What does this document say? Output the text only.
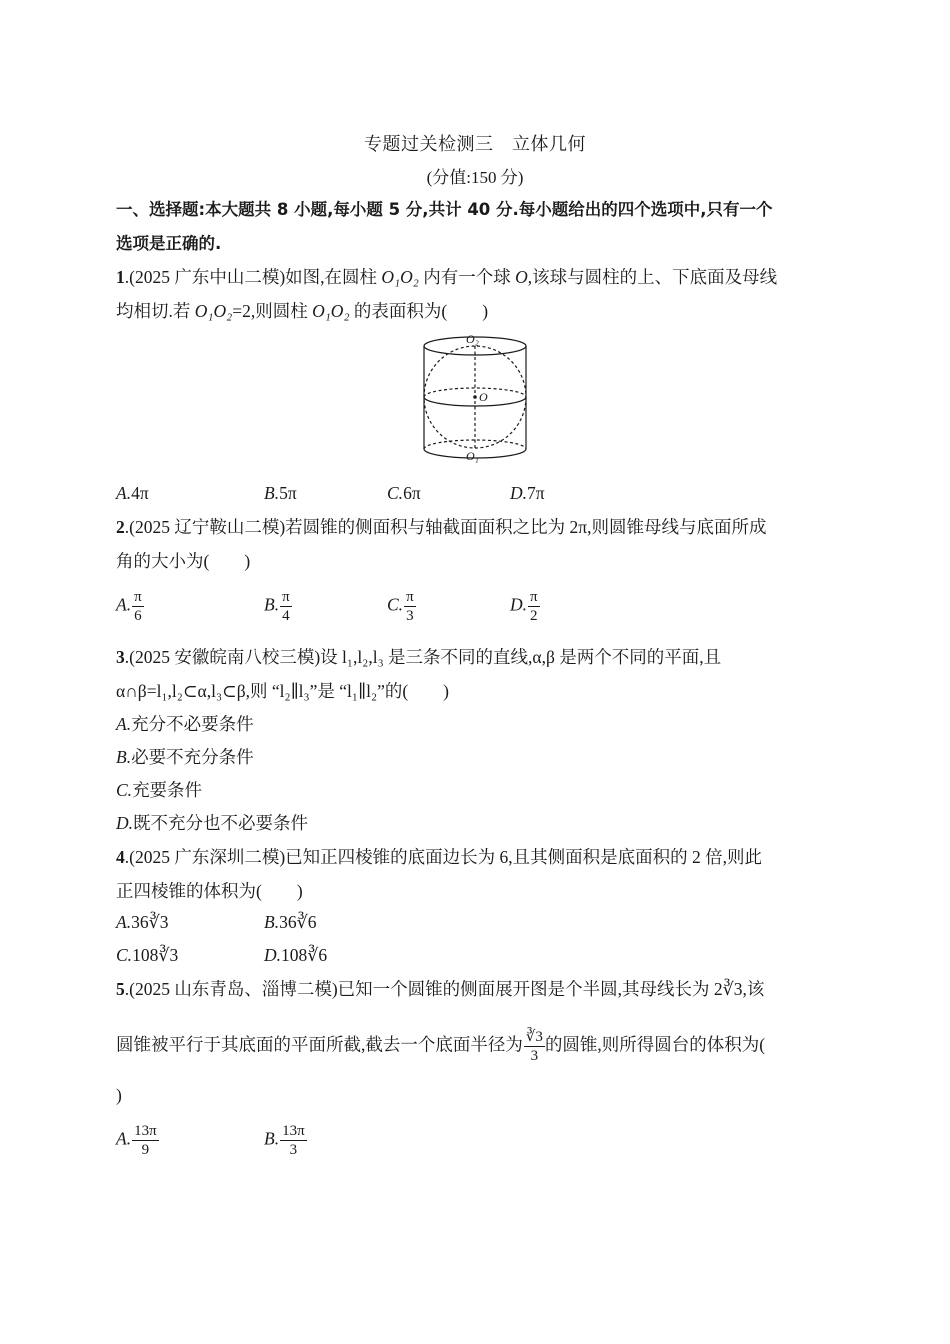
专题过关检测三　立体几何
(分值:150 分)
一、选择题:本大题共 8 小题,每小题 5 分,共计 40 分.每小题给出的四个选项中,只有一个
选项是正确的.
1.(2025 广东中山二模)如图,在圆柱 O₁O₂ 内有一个球 O,该球与圆柱的上、下底面及母线
均相切.若 O₁O₂=2,则圆柱 O₁O₂ 的表面积为(　　)
O₂
O
O₁
A.4π	B.5π	C.6π	D.7π
2.(2025 辽宁鞍山二模)若圆锥的侧面积与轴截面面积之比为 2π,则圆锥母线与底面所成
角的大小为(　　)
A. $\frac{\pi}{6}$	B. $\frac{\pi}{4}$	C. $\frac{\pi}{3}$	D. $\frac{\pi}{2}$
3.(2025 安徽皖南八校三模)设 l₁,l₂,l₃ 是三条不同的直线,α,β 是两个不同的平面,且
α∩β=l₁,l₂⊂α,l₃⊂β,则 “l₂∥l₃”是 “l₁∥l₂”的(　　)
A.充分不必要条件
B.必要不充分条件
C.充要条件
D.既不充分也不必要条件
4.(2025 广东深圳二模)已知正四棱锥的底面边长为 6,且其侧面积是底面积的 2 倍,则此
正四棱锥的体积为(　　)
A.36∛3	B.36∛6
C.108∛3	D.108∛6
5.(2025 山东青岛、淄博二模)已知一个圆锥的侧面展开图是个半圆,其母线长为 2∛3,该
圆锥被平行于其底面的平面所截,截去一个底面半径为 $\frac{∛3}{3}$ 的圆锥,则所得圆台的体积为(
)
A. $\frac{13\pi}{9}$	B. $\frac{13\pi}{3}$
